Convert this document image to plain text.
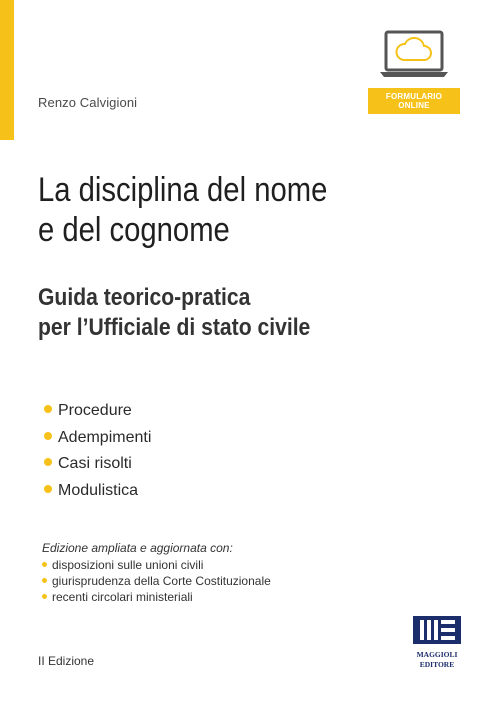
Renzo Calvigioni	FORMULARIO ONLINE
La disciplina del nome
e del cognome
Guida teorico-pratica
per l’Ufficiale di stato civile
Procedure
Adempimenti
Casi risolti
Modulistica

Edizione ampliata e aggiornata con:

disposizioni sulle unioni civili
giurisprudenza della Corte Costituzionale
recenti circolari ministeriali
II Edizione	MAGGIOLI
EDITORE
